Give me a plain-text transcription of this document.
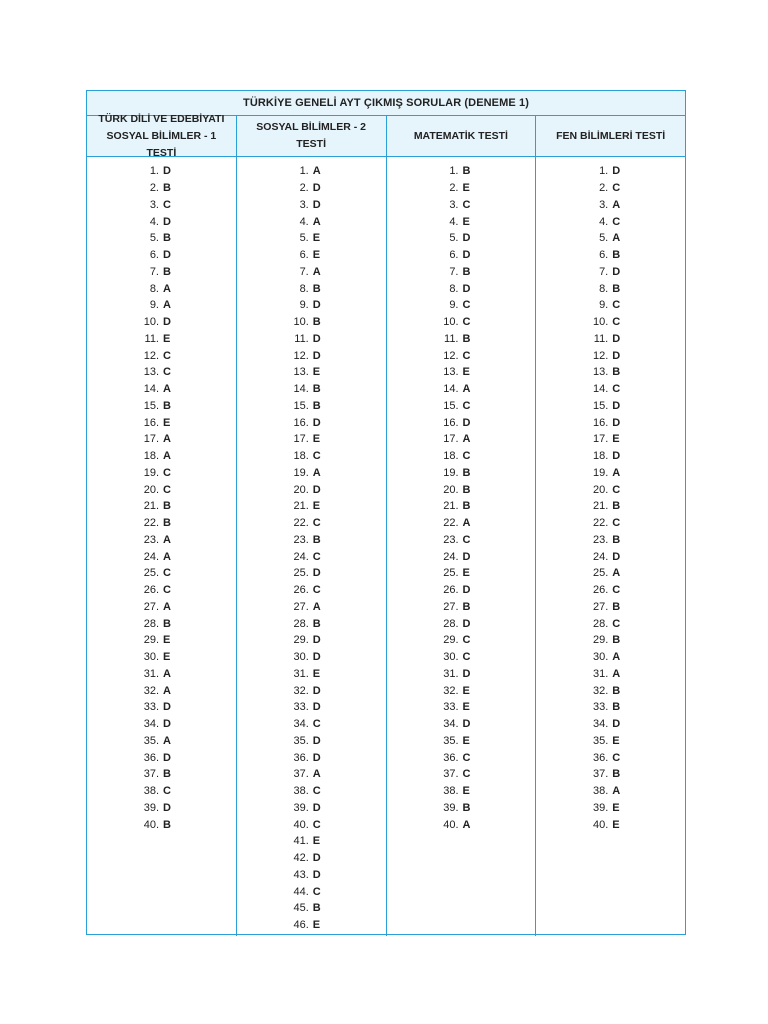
TÜRKİYE GENELİ AYT ÇIKMIŞ SORULAR (DENEME 1)
TÜRK DİLİ VE EDEBİYATI
SOSYAL BİLİMLER - 1 TESTİ
SOSYAL BİLİMLER - 2
TESTİ
MATEMATİK TESTİ	FEN BİLİMLERİ TESTİ
1. D
2. B
3. C
4. D
5. B
6. D
7. B
8. A
9. A
10. D
11. E
12. C
13. C
14. A
15. B
16. E
17. A
18. A
19. C
20. C
21. B
22. B
23. A
24. A
25. C
26. C
27. A
28. B
29. E
30. E
31. A
32. A
33. D
34. D
35. A
36. D
37. B
38. C
39. D
40. B
1. A
2. D
3. D
4. A
5. E
6. E
7. A
8. B
9. D
10. B
11. D
12. D
13. E
14. B
15. B
16. D
17. E
18. C
19. A
20. D
21. E
22. C
23. B
24. C
25. D
26. C
27. A
28. B
29. D
30. D
31. E
32. D
33. D
34. C
35. D
36. D
37. A
38. C
39. D
40. C
41. E
42. D
43. D
44. C
45. B
46. E
1. B
2. E
3. C
4. E
5. D
6. D
7. B
8. D
9. C
10. C
11. B
12. C
13. E
14. A
15. C
16. D
17. A
18. C
19. B
20. B
21. B
22. A
23. C
24. D
25. E
26. D
27. B
28. D
29. C
30. C
31. D
32. E
33. E
34. D
35. E
36. C
37. C
38. E
39. B
40. A
1. D
2. C
3. A
4. C
5. A
6. B
7. D
8. B
9. C
10. C
11. D
12. D
13. B
14. C
15. D
16. D
17. E
18. D
19. A
20. C
21. B
22. C
23. B
24. D
25. A
26. C
27. B
28. C
29. B
30. A
31. A
32. B
33. B
34. D
35. E
36. C
37. B
38. A
39. E
40. E
